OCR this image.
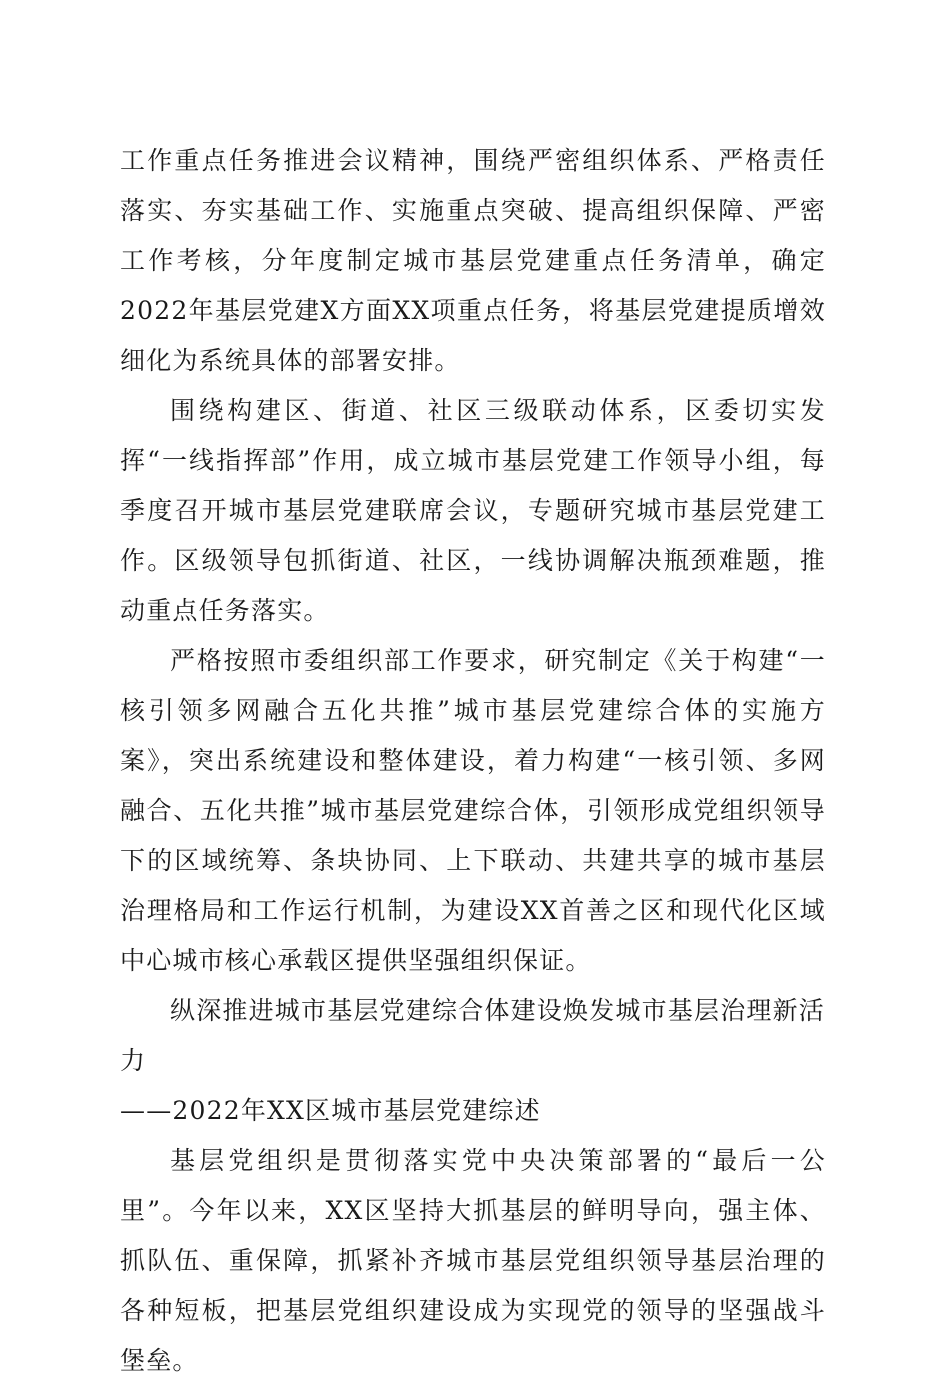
工作重点任务推进会议精神，围绕严密组织体系、严格责任落实、夯实基础工作、实施重点突破、提高组织保障、严密工作考核，分年度制定城市基层党建重点任务清单，确定2022年基层党建X方面XX项重点任务，将基层党建提质增效细化为系统具体的部署安排。

围绕构建区、街道、社区三级联动体系，区委切实发挥“一线指挥部”作用，成立城市基层党建工作领导小组，每季度召开城市基层党建联席会议，专题研究城市基层党建工作。区级领导包抓街道、社区，一线协调解决瓶颈难题，推动重点任务落实。

严格按照市委组织部工作要求，研究制定《关于构建“一核引领多网融合五化共推”城市基层党建综合体的实施方案》，突出系统建设和整体建设，着力构建“一核引领、多网融合、五化共推”城市基层党建综合体，引领形成党组织领导下的区域统筹、条块协同、上下联动、共建共享的城市基层治理格局和工作运行机制，为建设XX首善之区和现代化区域中心城市核心承载区提供坚强组织保证。

纵深推进城市基层党建综合体建设焕发城市基层治理新活力

——2022年XX区城市基层党建综述

基层党组织是贯彻落实党中央决策部署的“最后一公里”。今年以来，XX区坚持大抓基层的鲜明导向，强主体、抓队伍、重保障，抓紧补齐城市基层党组织领导基层治理的各种短板，把基层党组织建设成为实现党的领导的坚强战斗堡垒。
